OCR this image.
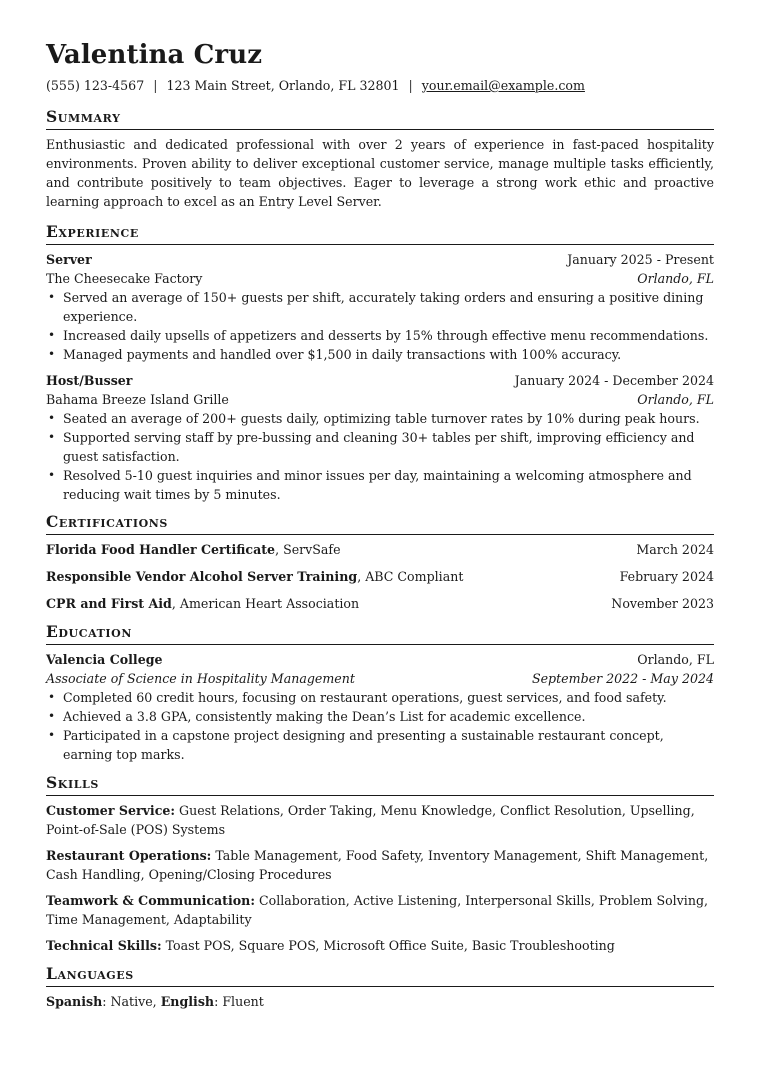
Valentina Cruz
(555) 123-4567 | 123 Main Street, Orlando, FL 32801 | your.email@example.com
Summary

Enthusiastic and dedicated professional with over 2 years of experience in fast-paced hospitality environments. Proven ability to deliver exceptional customer service, manage multiple tasks efficiently, and contribute positively to team objectives. Eager to leverage a strong work ethic and proactive learning approach to excel as an Entry Level Server.

Experience
Server	January 2025 - Present
The Cheesecake Factory	Orlando, FL
• Served an average of 150+ guests per shift, accurately taking orders and ensuring a positive dining experience.
• Increased daily upsells of appetizers and desserts by 15% through effective menu recommendations.
• Managed payments and handled over $1,500 in daily transactions with 100% accuracy.
Host/Busser	January 2024 - December 2024
Bahama Breeze Island Grille	Orlando, FL
• Seated an average of 200+ guests daily, optimizing table turnover rates by 10% during peak hours.
• Supported serving staff by pre-bussing and cleaning 30+ tables per shift, improving efficiency and guest satisfaction.
• Resolved 5-10 guest inquiries and minor issues per day, maintaining a welcoming atmosphere and reducing wait times by 5 minutes.
Certifications
Florida Food Handler Certificate, ServSafe	March 2024
Responsible Vendor Alcohol Server Training, ABC Compliant	February 2024
CPR and First Aid, American Heart Association	November 2023
Education
Valencia College	Orlando, FL
Associate of Science in Hospitality Management	September 2022 - May 2024
• Completed 60 credit hours, focusing on restaurant operations, guest services, and food safety.
• Achieved a 3.8 GPA, consistently making the Dean’s List for academic excellence.
• Participated in a capstone project designing and presenting a sustainable restaurant concept, earning top marks.
Skills
Customer Service: Guest Relations, Order Taking, Menu Knowledge, Conflict Resolution, Upselling, Point-of-Sale (POS) Systems
Restaurant Operations: Table Management, Food Safety, Inventory Management, Shift Management, Cash Handling, Opening/Closing Procedures
Teamwork & Communication: Collaboration, Active Listening, Interpersonal Skills, Problem Solving, Time Management, Adaptability
Technical Skills: Toast POS, Square POS, Microsoft Office Suite, Basic Troubleshooting
Languages
Spanish: Native, English: Fluent
